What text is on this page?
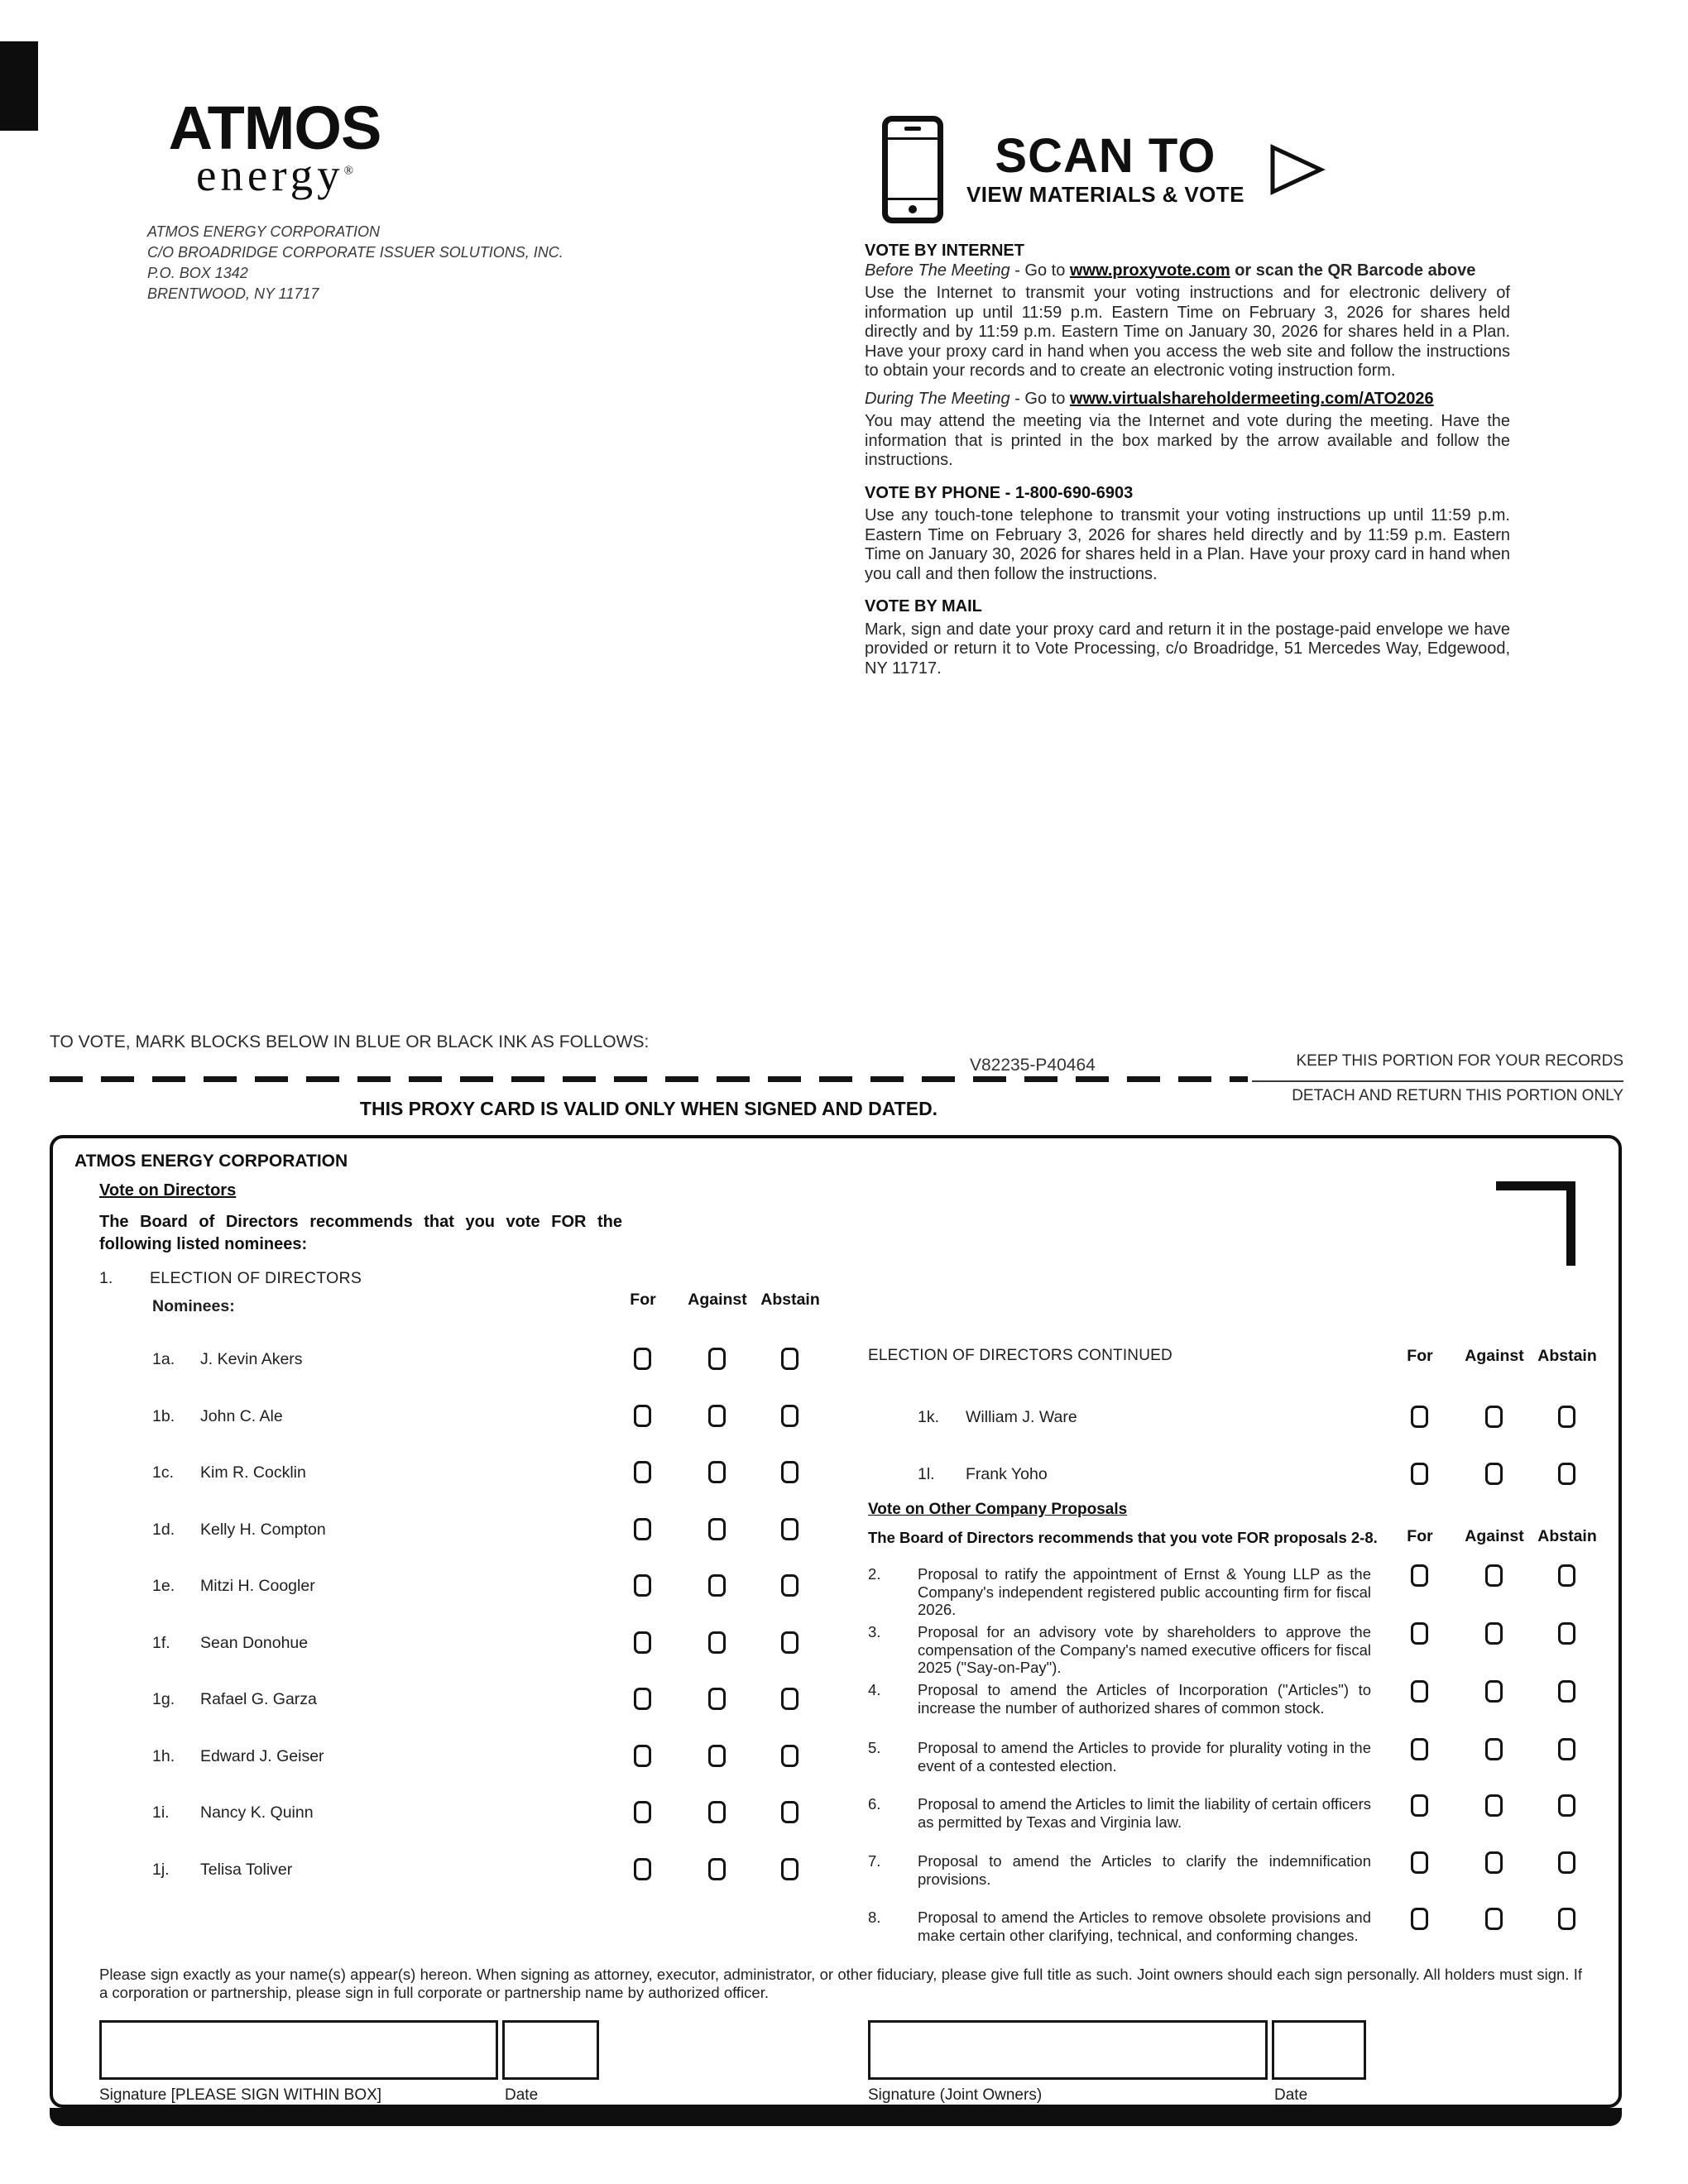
ATMOS
energy®
ATMOS ENERGY CORPORATION
C/O BROADRIDGE CORPORATE ISSUER SOLUTIONS, INC.
P.O. BOX 1342
BRENTWOOD, NY 11717
SCAN TO
VIEW MATERIALS & VOTE
VOTE BY INTERNET
Before The Meeting - Go to www.proxyvote.com or scan the QR Barcode above

Use the Internet to transmit your voting instructions and for electronic delivery of information up until 11:59 p.m. Eastern Time on February 3, 2026 for shares held directly and by 11:59 p.m. Eastern Time on January 30, 2026 for shares held in a Plan. Have your proxy card in hand when you access the web site and follow the instructions to obtain your records and to create an electronic voting instruction form.

During The Meeting - Go to www.virtualshareholdermeeting.com/ATO2026

You may attend the meeting via the Internet and vote during the meeting. Have the information that is printed in the box marked by the arrow available and follow the instructions.

VOTE BY PHONE - 1-800-690-6903

Use any touch-tone telephone to transmit your voting instructions up until 11:59 p.m. Eastern Time on February 3, 2026 for shares held directly and by 11:59 p.m. Eastern Time on January 30, 2026 for shares held in a Plan. Have your proxy card in hand when you call and then follow the instructions.

VOTE BY MAIL

Mark, sign and date your proxy card and return it in the postage-paid envelope we have provided or return it to Vote Processing, c/o Broadridge, 51 Mercedes Way, Edgewood, NY 11717.

TO VOTE, MARK BLOCKS BELOW IN BLUE OR BLACK INK AS FOLLOWS:
V82235-P40464	KEEP THIS PORTION FOR YOUR RECORDS
THIS PROXY CARD IS VALID ONLY WHEN SIGNED AND DATED.
DETACH AND RETURN THIS PORTION ONLY
ATMOS ENERGY CORPORATION
Vote on Directors
The Board of Directors recommends that you vote FOR the
following listed nominees:
1. ELECTION OF DIRECTORS
Nominees:	For	Against Abstain
1a. J. Kevin Akers
1b. John C. Ale
1c. Kim R. Cocklin
1d. Kelly H. Compton
1e. Mitzi H. Coogler
1f. Sean Donohue
1g. Rafael G. Garza
1h. Edward J. Geiser
1i. Nancy K. Quinn
1j. Telisa Toliver
ELECTION OF DIRECTORS CONTINUED	For	Against Abstain
1k. William J. Ware
1l. Frank Yoho
Vote on Other Company Proposals
The Board of Directors recommends that you vote FOR proposals 2-8.	For	Against Abstain
2. Proposal to ratify the appointment of Ernst & Young LLP as the Company's independent registered public accounting firm for fiscal 2026.
3. Proposal for an advisory vote by shareholders to approve the compensation of the Company's named executive officers for fiscal 2025 ("Say-on-Pay").
4. Proposal to amend the Articles of Incorporation ("Articles") to increase the number of authorized shares of common stock.
5. Proposal to amend the Articles to provide for plurality voting in the event of a contested election.
6. Proposal to amend the Articles to limit the liability of certain officers as permitted by Texas and Virginia law.
7. Proposal to amend the Articles to clarify the indemnification provisions.
8. Proposal to amend the Articles to remove obsolete provisions and make certain other clarifying, technical, and conforming changes.
Please sign exactly as your name(s) appear(s) hereon. When signing as attorney, executor, administrator, or other fiduciary, please give full title as such. Joint owners should each sign personally. All holders must sign. If a corporation or partnership, please sign in full corporate or partnership name by authorized officer.
Signature [PLEASE SIGN WITHIN BOX]	Date	Signature (Joint Owners)	Date
